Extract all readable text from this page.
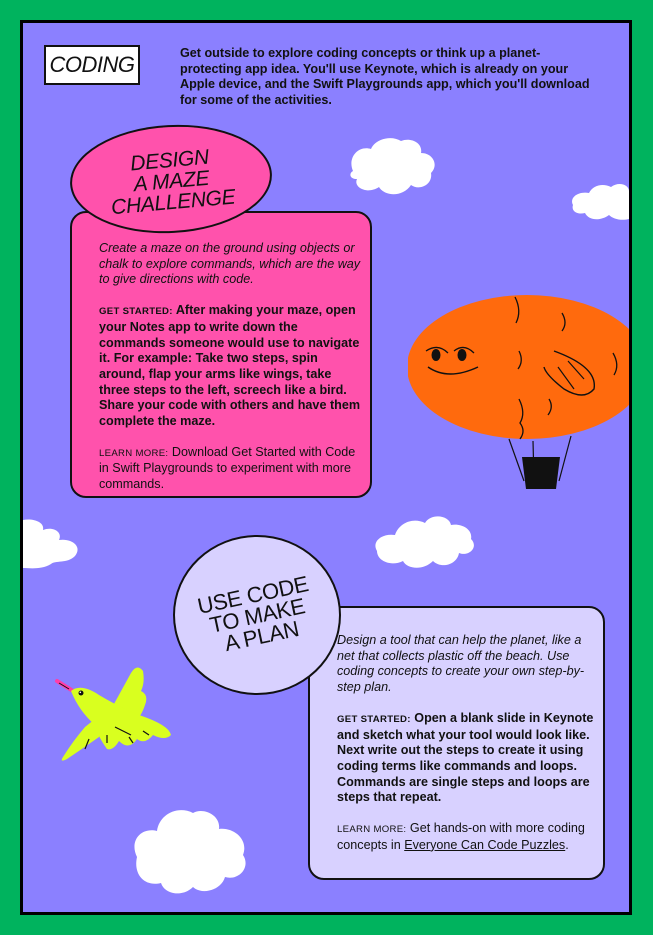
CODING	Get outside to explore coding concepts or think up a planet-protecting app idea. You'll use Keynote, which is already on your Apple device, and the Swift Playgrounds app, which you'll download for some of the activities.

Create a maze on the ground using objects or chalk to explore commands, which are the way to give directions with code.

GET STARTED: After making your maze, open your Notes app to write down the commands someone would use to navigate it. For example: Take two steps, spin around, flap your arms like wings, take three steps to the left, screech like a bird. Share your code with others and have them complete the maze.

LEARN MORE: Download Get Started with Code in Swift Playgrounds to experiment with more commands.

DESIGN
A MAZE
CHALLENGE

Design a tool that can help the planet, like a net that collects plastic off the beach. Use coding concepts to create your own step-by-step plan.

GET STARTED: Open a blank slide in Keynote and sketch what your tool would look like. Next write out the steps to create it using coding terms like commands and loops. Commands are single steps and loops are steps that repeat.

LEARN MORE: Get hands-on with more coding concepts in Everyone Can Code Puzzles.

USE CODE
TO MAKE
A PLAN
